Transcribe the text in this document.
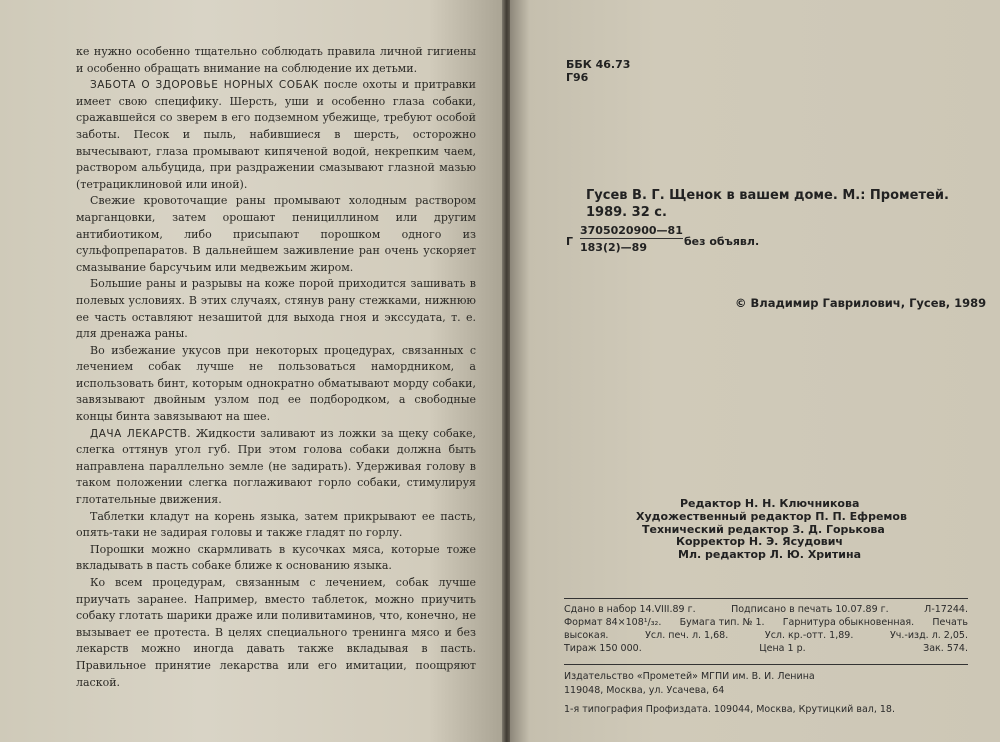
ке нужно особенно тщательно соблюдать правила личной гигиены и особенно обращать внимание на соблюдение их детьми.

ЗАБОТА О ЗДОРОВЬЕ НОРНЫХ СОБАК после охоты и притравки имеет свою специфику. Шерсть, уши и особенно глаза собаки, сражавшейся со зверем в его подземном убежище, требуют особой заботы. Песок и пыль, набившиеся в шерсть, осторожно вычесывают, глаза промывают кипяченой водой, некрепким чаем, раствором альбуцида, при раздражении смазывают глазной мазью (тетрациклиновой или иной).

Свежие кровоточащие раны промывают холодным раствором марганцовки, затем орошают пенициллином или другим антибиотиком, либо присыпают порошком одного из сульфопрепаратов. В дальнейшем заживление ран очень ускоряет смазывание барсучьим или медвежьим жиром.

Большие раны и разрывы на коже порой приходится зашивать в полевых условиях. В этих случаях, стянув рану стежками, нижнюю ее часть оставляют незашитой для выхода гноя и экссудата, т. е. для дренажа раны.

Во избежание укусов при некоторых процедурах, связанных с лечением собак лучше не пользоваться намордником, а использовать бинт, которым однократно обматывают морду собаки, завязывают двойным узлом под ее подбородком, а свободные концы бинта завязывают на шее.

ДАЧА ЛЕКАРСТВ. Жидкости заливают из ложки за щеку собаке, слегка оттянув угол губ. При этом голова собаки должна быть направлена параллельно земле (не задирать). Удерживая голову в таком положении слегка поглаживают горло собаки, стимулируя глотательные движения.

Таблетки кладут на корень языка, затем прикрывают ее пасть, опять-таки не задирая головы и также гладят по горлу.

Порошки можно скармливать в кусочках мяса, которые тоже вкладывать в пасть собаке ближе к основанию языка.

Ко всем процедурам, связанным с лечением, собак лучше приучать заранее. Например, вместо таблеток, можно приучить собаку глотать шарики драже или поливитаминов, что, конечно, не вызывает ее протеста. В целях специального тренинга мясо и без лекарств можно иногда давать также вкладывая в пасть. Правильное принятие лекарства или его имитации, поощряют лаской.

ББК 46.73
Г96
Гусев В. Г. Щенок в вашем доме. М.: Прометей. 1989. 32 с.
Г $\frac{3705020900—81}{183(2)—89}$ без объявл.
© Владимир Гаврилович, Гусев, 1989
Редактор Н. Н. Ключникова
Художественный редактор П. П. Ефремов
Технический редактор З. Д. Горькова
Корректор Н. Э. Ясудович
Мл. редактор Л. Ю. Хритина
Сдано в набор 14.VIII.89 г.	Подписано в печать 10.07.89 г.	Л-17244.
Формат 84×108¹/₃₂. Бумага тип. № 1. Гарнитура обыкновенная. Печать
высокая.	Усл. печ. л. 1,68.	Усл. кр.-отт. 1,89.	Уч.-изд. л. 2,05.
Тираж 150 000.	Цена 1 р.	Зак. 574.
Издательство «Прометей» МГПИ им. В. И. Ленина
119048, Москва, ул. Усачева, 64
1-я типография Профиздата. 109044, Москва, Крутицкий вал, 18.
